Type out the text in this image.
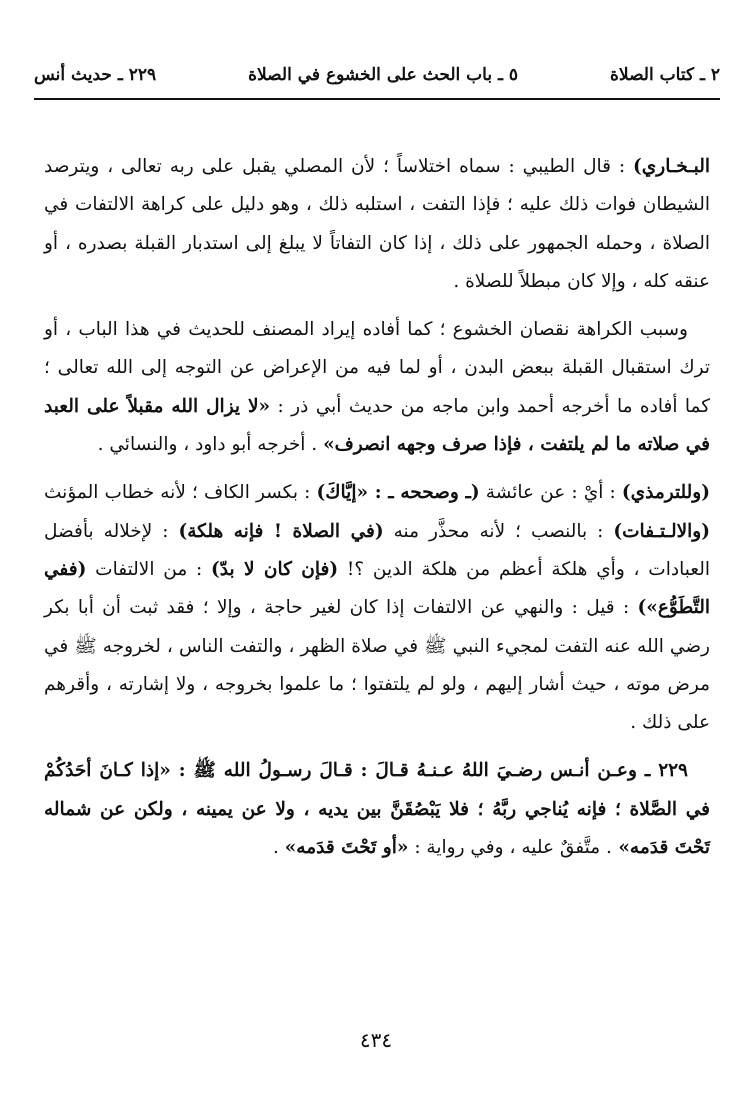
٢ ـ كتاب الصلاة
٥ ـ باب الحث على الخشوع في الصلاة
٢٢٩ ـ حديث أنس

البـخـاري) : قال الطيبي : سماه اختلاساً ؛ لأن المصلي يقبل على ربه تعالى ، ويترصد الشيطان فوات ذلك عليه ؛ فإذا التفت ، استلبه ذلك ، وهو دليل على كراهة الالتفات في الصلاة ، وحمله الجمهور على ذلك ، إذا كان التفاتاً لا يبلغ إلى استدبار القبلة بصدره ، أو عنقه كله ، وإلا كان مبطلاً للصلاة .

وسبب الكراهة نقصان الخشوع ؛ كما أفاده إيراد المصنف للحديث في هذا الباب ، أو ترك استقبال القبلة ببعض البدن ، أو لما فيه من الإعراض عن التوجه إلى الله تعالى ؛ كما أفاده ما أخرجه أحمد وابن ماجه من حديث أبي ذر : «لا يزال الله مقبلاً على العبد في صلاته ما لم يلتفت ، فإذا صرف وجهه انصرف» . أخرجه أبو داود ، والنسائي .

(وللترمذي) : أيْ : عن عائشة (ـ وصححه ـ : «إيَّاكَ) : بكسر الكاف ؛ لأنه خطاب المؤنث (والالـتـفات) : بالنصب ؛ لأنه محذَّر منه (في الصلاة ! فإنه هلكة) : لإخلاله بأفضل العبادات ، وأي هلكة أعظم من هلكة الدين ؟! (فإن كان لا بدّ) : من الالتفات (ففي التَّطَوُّع») : قيل : والنهي عن الالتفات إذا كان لغير حاجة ، وإلا ؛ فقد ثبت أن أبا بكر رضي الله عنه التفت لمجيء النبي ﷺ في صلاة الظهر ، والتفت الناس ، لخروجه ﷺ في مرض موته ، حيث أشار إليهم ، ولو لم يلتفتوا ؛ ما علموا بخروجه ، ولا إشارته ، وأقرهم على ذلك .

٢٢٩ ـ وعـن أنـس رضـيَ اللهُ عـنـهُ قـالَ : قـالَ رسـولُ الله ﷺ : «إذا كـانَ أحَدُكُمْ في الصَّلاة ؛ فإنه يُناجي ربَّهُ ؛ فلا يَبْصُقَنَّ بين يديه ، ولا عن يمينه ، ولكن عن شماله تَحْتَ قدَمه» . متَّفقٌ عليه ، وفي رواية : «أو تَحْتَ قدَمه» .

٤٣٤
